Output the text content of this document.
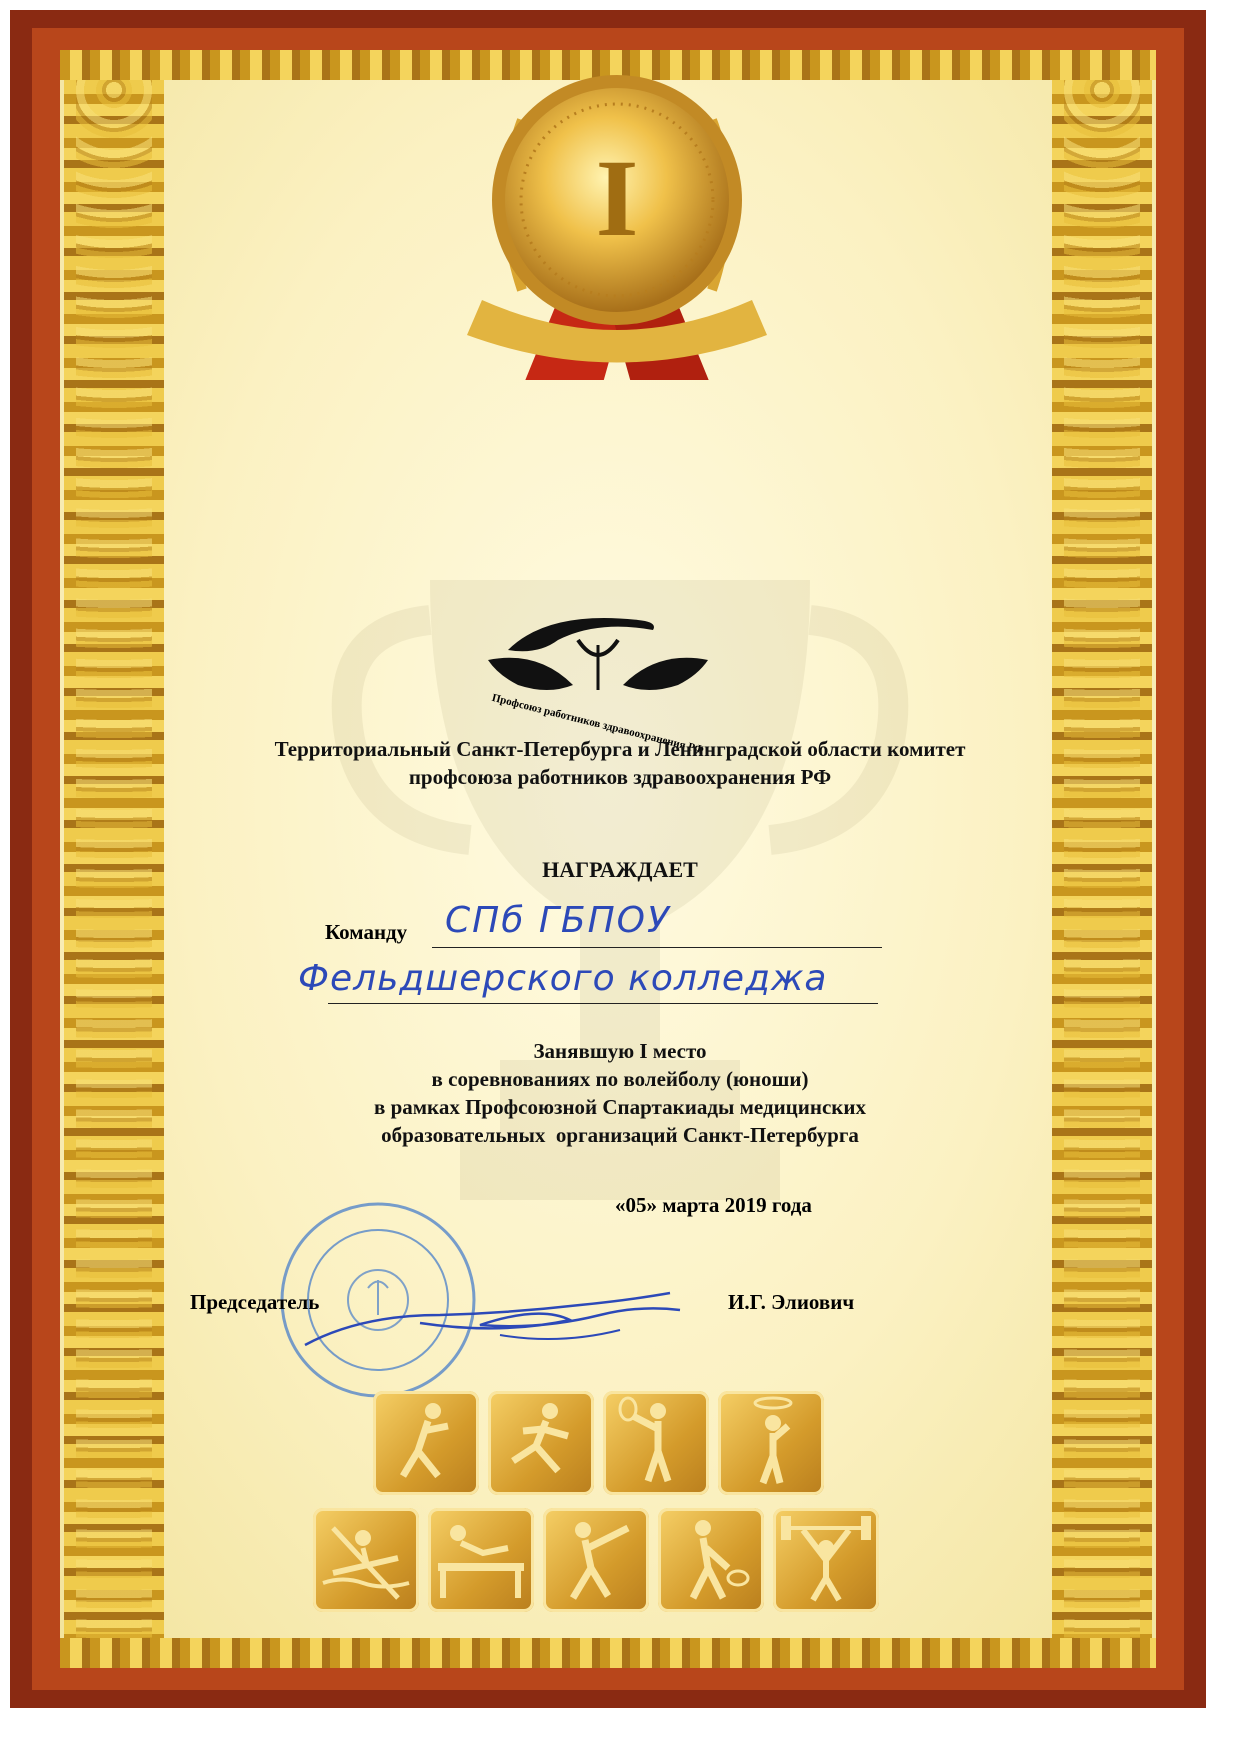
I
Профсоюз работников здравоохранения РФ
Территориальный Санкт-Петербурга и Ленинградской области комитет
профсоюза работников здравоохранения РФ
НАГРАЖДАЕТ
Команду СПб ГБПОУ
Фельдшерского колледжа
Занявшую I место
в соревнованиях по волейболу (юноши)
в рамках Профсоюзной Спартакиады медицинских
образовательных  организаций Санкт-Петербурга
«05» марта 2019 года
Председатель	И.Г. Элиович
